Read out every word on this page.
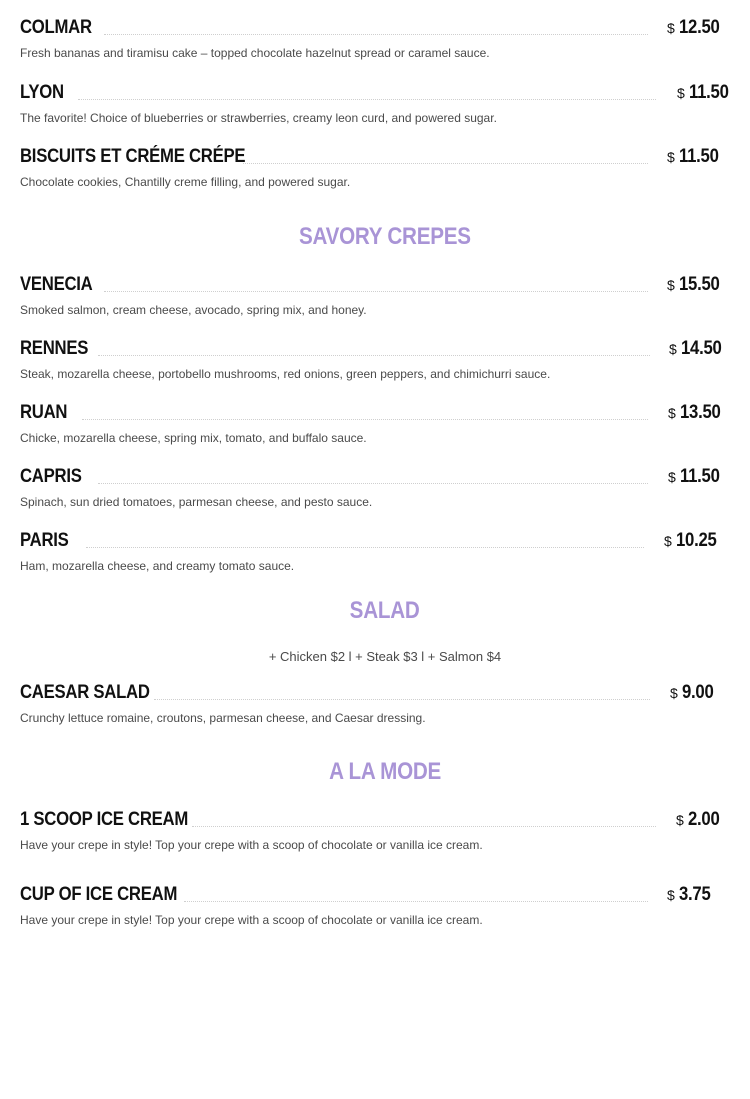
COLMAR	$ 12.50
Fresh bananas and tiramisu cake – topped chocolate hazelnut spread or caramel sauce.
LYON	$ 11.50
The favorite! Choice of blueberries or strawberries, creamy leon curd, and powered sugar.
BISCUITS ET CRÉME CRÉPE	$ 11.50
Chocolate cookies, Chantilly creme filling, and powered sugar.
SAVORY CREPES
VENECIA	$ 15.50
Smoked salmon, cream cheese, avocado, spring mix, and honey.
RENNES	$ 14.50
Steak, mozarella cheese, portobello mushrooms, red onions, green peppers, and chimichurri sauce.
RUAN	$ 13.50
Chicke, mozarella cheese, spring mix, tomato, and buffalo sauce.
CAPRIS	$ 11.50
Spinach, sun dried tomatoes, parmesan cheese, and pesto sauce.
PARIS	$ 10.25
Ham, mozarella cheese, and creamy tomato sauce.
SALAD
+ Chicken $2 l + Steak $3 l + Salmon $4
CAESAR SALAD	$ 9.00
Crunchy lettuce romaine, croutons, parmesan cheese, and Caesar dressing.
A LA MODE
1 SCOOP ICE CREAM	$ 2.00
Have your crepe in style! Top your crepe with a scoop of chocolate or vanilla ice cream.
CUP OF ICE CREAM	$ 3.75
Have your crepe in style! Top your crepe with a scoop of chocolate or vanilla ice cream.
